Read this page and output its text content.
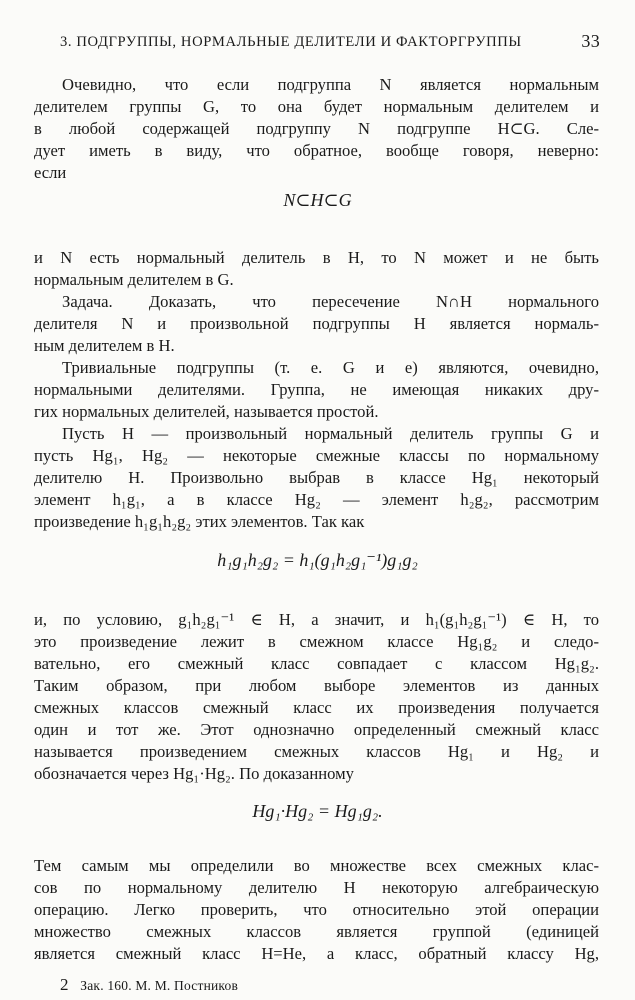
3. ПОДГРУППЫ, НОРМАЛЬНЫЕ ДЕЛИТЕЛИ И ФАКТОРГРУППЫ	33
Очевидно, что если подгруппа N является нормальным
делителем группы G, то она будет нормальным делителем и
в любой содержащей подгруппу N подгруппе H⊂G. Сле-
дует иметь в виду, что обратное, вообще говоря, неверно:
если
N⊂H⊂G
и N есть нормальный делитель в H, то N может и не быть
нормальным делителем в G.
Задача. Доказать, что пересечение N∩H нормального
делителя N и произвольной подгруппы H является нормаль-
ным делителем в H.
Тривиальные подгруппы (т. е. G и e) являются, очевидно,
нормальными делителями. Группа, не имеющая никаких дру-
гих нормальных делителей, называется простой.
Пусть H — произвольный нормальный делитель группы G и
пусть Hg₁, Hg₂ — некоторые смежные классы по нормальному
делителю H. Произвольно выбрав в классе Hg₁ некоторый
элемент h₁g₁, а в классе Hg₂ — элемент h₂g₂, рассмотрим
произведение h₁g₁h₂g₂ этих элементов. Так как
h₁g₁h₂g₂ = h₁(g₁h₂g₁⁻¹)g₁g₂
и, по условию, g₁h₂g₁⁻¹ ∈ H, а значит, и h₁(g₁h₂g₁⁻¹) ∈ H, то
это произведение лежит в смежном классе Hg₁g₂ и следо-
вательно, его смежный класс совпадает с классом Hg₁g₂.
Таким образом, при любом выборе элементов из данных
смежных классов смежный класс их произведения получается
один и тот же. Этот однозначно определенный смежный класс
называется произведением смежных классов Hg₁ и Hg₂ и
обозначается через Hg₁·Hg₂. По доказанному
Hg₁·Hg₂ = Hg₁g₂.
Тем самым мы определили во множестве всех смежных клас-
сов по нормальному делителю H некоторую алгебраическую
операцию. Легко проверить, что относительно этой операции
множество смежных классов является группой (единицей
является смежный класс H=He, а класс, обратный классу Hg,
2 Зак. 160. М. М. Постников
